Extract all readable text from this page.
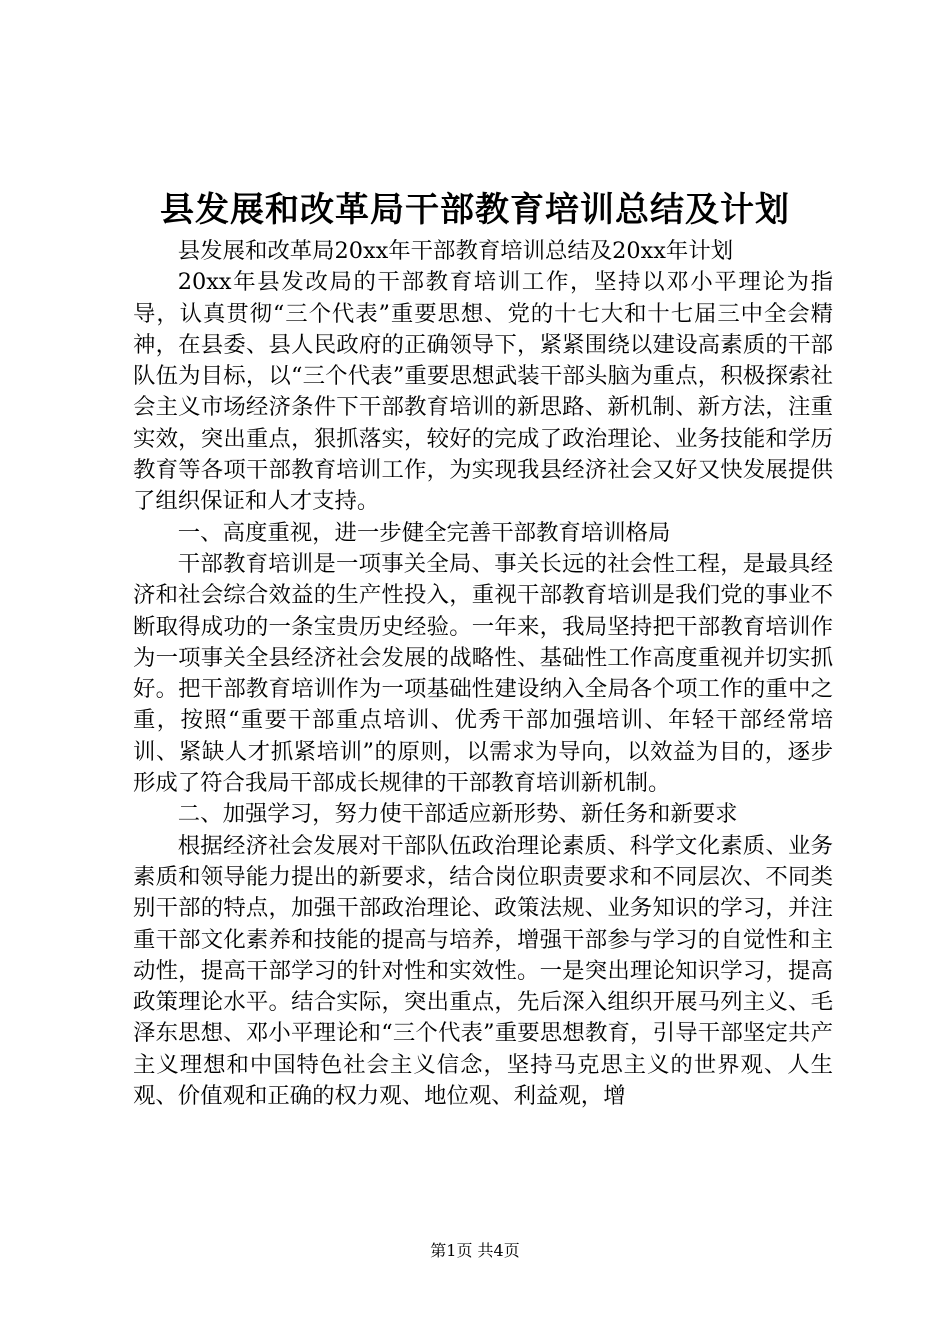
县发展和改革局干部教育培训总结及计划

县发展和改革局20xx年干部教育培训总结及20xx年计划

20xx年县发改局的干部教育培训工作，坚持以邓小平理论为指导，认真贯彻“三个代表”重要思想、党的十七大和十七届三中全会精神，在县委、县人民政府的正确领导下，紧紧围绕以建设高素质的干部队伍为目标，以“三个代表”重要思想武装干部头脑为重点，积极探索社会主义市场经济条件下干部教育培训的新思路、新机制、新方法，注重实效，突出重点，狠抓落实，较好的完成了政治理论、业务技能和学历教育等各项干部教育培训工作，为实现我县经济社会又好又快发展提供了组织保证和人才支持。

一、高度重视，进一步健全完善干部教育培训格局

干部教育培训是一项事关全局、事关长远的社会性工程，是最具经济和社会综合效益的生产性投入，重视干部教育培训是我们党的事业不断取得成功的一条宝贵历史经验。一年来，我局坚持把干部教育培训作为一项事关全县经济社会发展的战略性、基础性工作高度重视并切实抓好。把干部教育培训作为一项基础性建设纳入全局各个项工作的重中之重，按照“重要干部重点培训、优秀干部加强培训、年轻干部经常培训、紧缺人才抓紧培训”的原则，以需求为导向，以效益为目的，逐步形成了符合我局干部成长规律的干部教育培训新机制。

二、加强学习，努力使干部适应新形势、新任务和新要求

根据经济社会发展对干部队伍政治理论素质、科学文化素质、业务素质和领导能力提出的新要求，结合岗位职责要求和不同层次、不同类别干部的特点，加强干部政治理论、政策法规、业务知识的学习，并注重干部文化素养和技能的提高与培养，增强干部参与学习的自觉性和主动性，提高干部学习的针对性和实效性。一是突出理论知识学习，提高政策理论水平。结合实际，突出重点，先后深入组织开展马列主义、毛泽东思想、邓小平理论和“三个代表”重要思想教育，引导干部坚定共产主义理想和中国特色社会主义信念，坚持马克思主义的世界观、人生观、价值观和正确的权力观、地位观、利益观，增

第1页 共4页
